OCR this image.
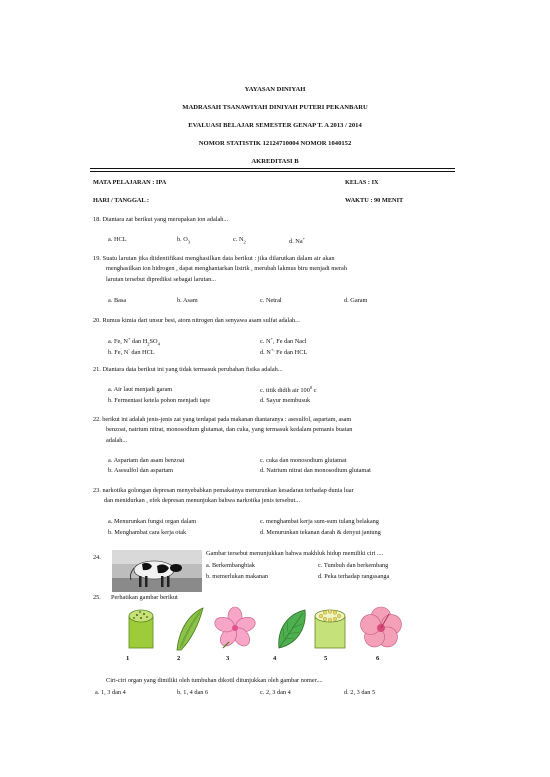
YAYASAN DINIYAH
MADRASAH TSANAWIYAH DINIYAH PUTERI PEKANBARU
EVALUASI BELAJAR SEMESTER GENAP T. A 2013 / 2014
NOMOR STATISTIK 12124710004 NOMOR 1040152
AKREDITASI B
MATA PELAJARAN : IPA	KELAS : IX
HARI / TANGGAL :	WAKTU : 90 MENIT
18. Diantara zat berikut yang merupakan ion adalah...
a. HCL	b. $O_3$	c. $N_2$	d. Na+
19. Suatu larutan jika diidentifikasi menghasilkan data berikut : jika dilarutkan dalam air akan
menghasilkan ion hidrogen , dapat menghantarkan listrik , merubah lakmus biru menjadi merah
larutan tersebut diprediksi sebagai larutan...
a. Basa	b. Asam	c. Netral	d. Garam
20. Rumus kimia dari unsur besi, atom nitrogen dan senyawa asam sulfat adalah...
a. Fe, N+ dan $H_2SO_4$	c. N+, Fe dan Nacl
b. Fe, N- dan HCL	d. N+, Fe dan HCL
21. Diantara data berikut ini yang tidak termasuk perubahan fisika adalah...
a. Air laut menjadi garam	c. titik didih air $100^0$ c
b. Fermentasi ketela pohon menjadi tape	d. Sayur membusuk
22. berikut ini adalah jenis-jenis zat yang terdapat pada makanan diantaranya : asesulfol, aspartam, asam
benzoat, natrium nitrat, monosodium glutamat, dan cuka, yang termasuk kedalam pemanis buatan
adalah...
a. Aspartam dan asam benzoat	c. cuka dan monosodium glutamat
b. Asesulfol dan aspartam	d. Natrium nitrat dan monosodium glutamat
23. narkotika golongan depresan menyebabkan pemakainya menurunkan kesadaran terhadap dunia luar
dan menidurkan , efek depresan menunjukan bahwa narkotika jenis tersebut...
a. Menurunkan fungsi organ dalam	c. menghambat kerja sum-sum tulang belakang
b. Menghambat cara kerja otak	d. Menurunkan tekanan darah & denyut jantung
24.
Gambar tersebut menunjukkan bahwa makhluk hidup memiliki ciri ....
a. Berkembangbiak	c. Tumbuh dan berkembang
b. memerlukan makanan	d. Peka terhadap rangssanga
25. Perhatikan gambar berikut
1	2	3	4	5	6
Ciri-ciri organ yang dimiliki oleh tumbuhan dikotil ditunjukkan oleh gambar nomer....
a. 1, 3 dan 4	b. 1, 4 dan 6	c. 2, 3 dan 4	d. 2, 3 dan 5
